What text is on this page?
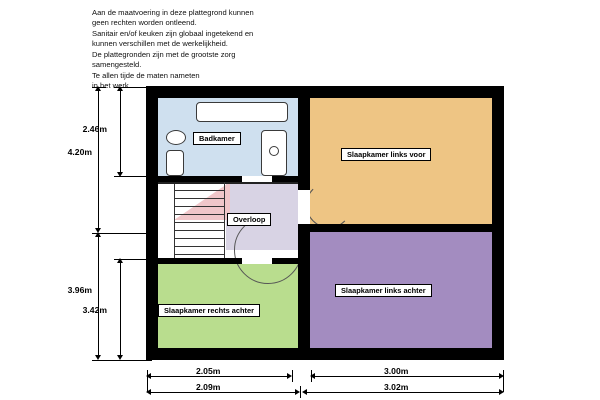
Aan de maatvoering in deze plattegrond kunnen
geen rechten worden ontleend.
Sanitair en/of keuken zijn globaal ingetekend en
kunnen verschillen met de werkelijkheid.
De plattegronden zijn met de grootste zorg
samengesteld.
Te allen tijde de maten nameten
in het werk.
Badkamer
Slaapkamer links voor
Slaapkamer links achter
Slaapkamer rechts achter
Overloop
2.46m
4.20m
3.96m
3.42m
2.05m	3.00m
2.09m	3.02m
